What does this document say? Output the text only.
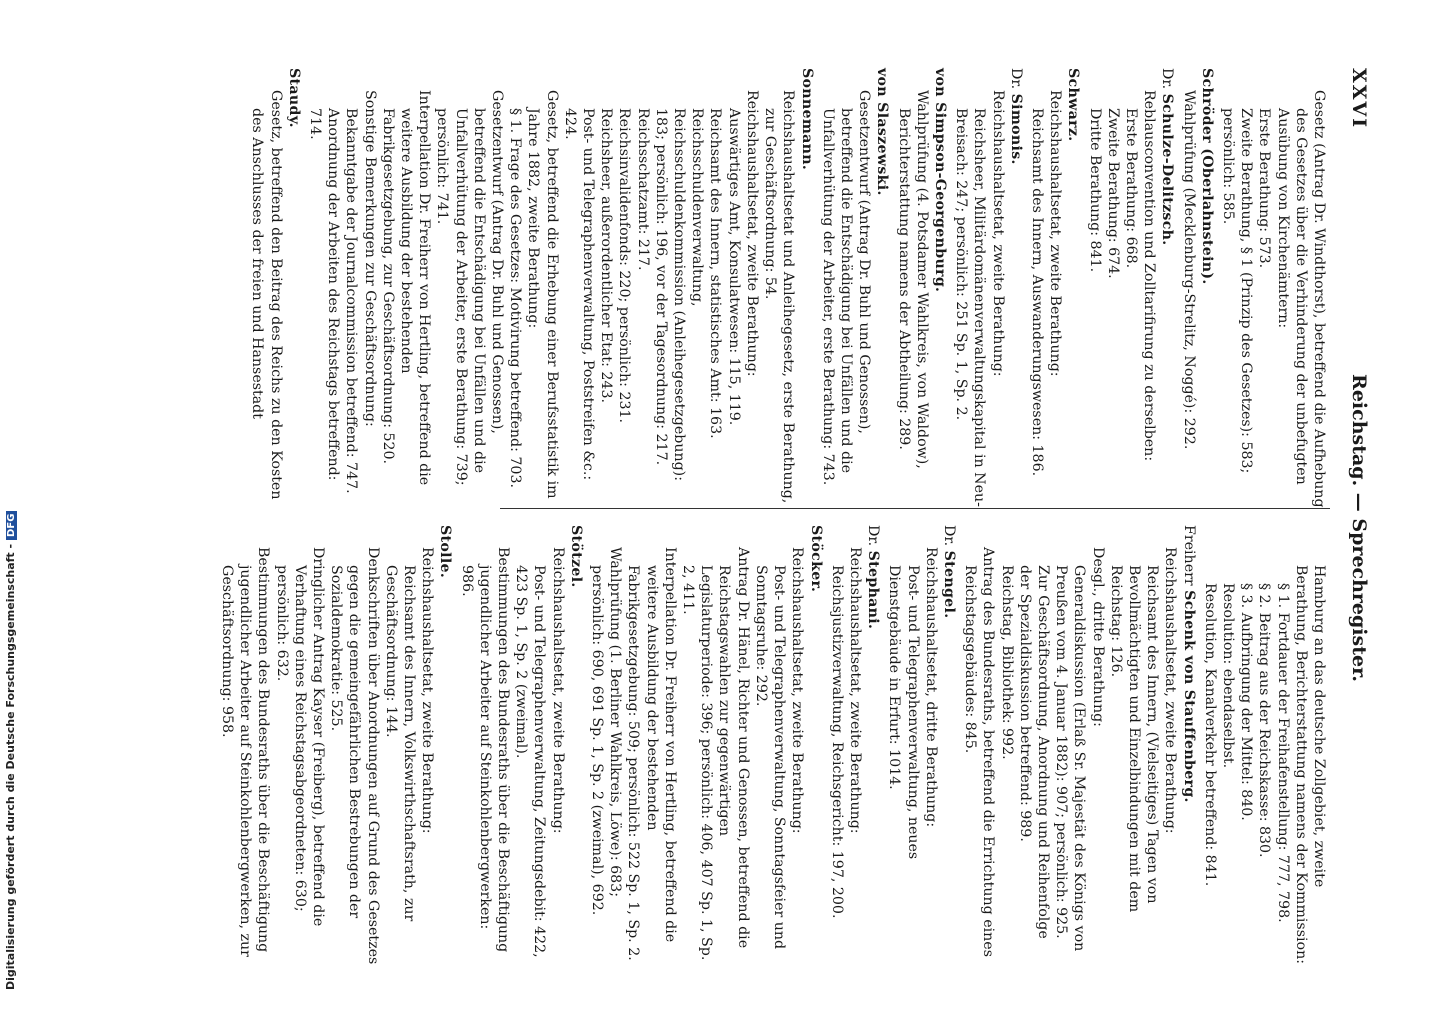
Digitalisierung gefördert durch die Deutsche Forschungsgemeinschaft -DFG
XXVI
Reichstag. — Sprechregister.
Gesetz (Antrag Dr. Windthorst), betreffend die Aufhebung des Gesetzes über die Verhinderung der unbefugten Ausübung von Kirchenämtern:
Erste Berathung: 573.
Zweite Berathung, § 1 (Prinzip des Gesetzes): 583; persönlich: 585.
Schröder (Oberlahnstein).
Wahlprüfung (Mecklenburg-Strelitz, Noggé): 292.
Dr. Schulze-Delitzsch.
Reblausconvention und Zolltarifirung zu derselben:
Erste Berathung: 668.
Zweite Berathung: 674.
Dritte Berathung: 841.
Schwarz.
Reichshaushaltsetat, zweite Berathung:
Reichsamt des Innern, Auswanderungswesen: 186.
Dr. Simonis.
Reichshaushaltsetat, zweite Berathung:
Reichsheer, Militärdomänenverwaltungskapital in Neu-Breisach: 247; persönlich: 251 Sp. 1, Sp. 2.
von Simpson-Georgenburg.
Wahlprüfung (4. Potsdamer Wahlkreis, von Waldow), Berichterstattung namens der Abtheilung: 289.
von Slaszewski.
Gesetzentwurf (Antrag Dr. Buhl und Genossen), betreffend die Entschädigung bei Unfällen und die Unfallverhütung der Arbeiter, erste Berathung: 743.
Sonnemann.
Reichshaushaltsetat und Anleihegesetz, erste Berathung, zur Geschäftsordnung: 54.
Reichshaushaltsetat, zweite Berathung:
Auswärtiges Amt, Konsulatwesen: 115, 119.
Reichsamt des Innern, statistisches Amt: 163.
Reichsschuldenverwaltung, Reichsschuldenkommission (Anleihegesetzgebung): 183; persönlich: 196, vor der Tagesordnung: 217.
Reichsschatzamt: 217.
Reichsinvalidenfonds: 220; persönlich: 231.
Reichsheer, außerordentlicher Etat: 243.
Post- und Telegraphenverwaltung, Poststreifen &c.: 424.
Gesetz, betreffend die Erhebung einer Berufsstatistik im Jahre 1882, zweite Berathung:
§ 1. Frage des Gesetzes: Motivirung betreffend: 703.
Gesetzentwurf (Antrag Dr. Buhl und Genossen), betreffend die Entschädigung bei Unfällen und die Unfallverhütung der Arbeiter, erste Berathung: 739; persönlich: 741.
Interpellation Dr. Freiherr von Hertling, betreffend die weitere Ausbildung der bestehenden Fabrikgesetzgebung, zur Geschäftsordnung: 520.
Sonstige Bemerkungen zur Geschäftsordnung:
Bekanntgabe der Journalcommission betreffend: 747.
Anordnung der Arbeiten des Reichstags betreffend: 714.
Staudy.
Gesetz, betreffend den Beitrag des Reichs zu den Kosten des Anschlusses der freien und Hansestadt
Hamburg an das deutsche Zollgebiet, zweite Berathung, Berichterstattung namens der Kommission:
§ 1. Fortdauer der Freihafenstellung: 777, 798.
§ 2. Beitrag aus der Reichskasse: 830.
§ 3. Aufbringung der Mittel: 840.
Resolution: ebendaselbst.
Resolution, Kanalverkehr betreffend: 841.
Freiherr Schenk von Stauffenberg.
Reichshaushaltsetat, zweite Berathung:
Reichsamt des Innern, (Vielseitiges) Tagen von Bevollmächtigten und Einzelbindungen mit dem Reichstag: 126.
Desgl., dritte Berathung:
Generaldiskussion (Erlaß Sr. Majestät des Königs von Preußen vom 4. Januar 1882): 907; persönlich: 925.
Zur Geschäftsordnung, Anordnung und Reihenfolge der Spezialdiskussion betreffend: 989.
Reichstag, Bibliothek: 992.
Antrag des Bundesraths, betreffend die Errichtung eines Reichstagsgebäudes: 845.
Dr. Stengel.
Reichshaushaltsetat, dritte Berathung:
Post- und Telegraphenverwaltung, neues Dienstgebäude in Erfurt: 1014.
Dr. Stephani.
Reichshaushaltsetat, zweite Berathung:
Reichsjustizverwaltung, Reichsgericht: 197, 200.
Stöcker.
Reichshaushaltsetat, zweite Berathung:
Post- und Telegraphenverwaltung, Sonntagsfeier und Sonntagsruhe: 292.
Antrag Dr. Hänel, Richter und Genossen, betreffend die Reichstagswahlen zur gegenwärtigen Legislaturperiode: 396; persönlich: 406, 407 Sp. 1, Sp. 2, 411.
Interpellation Dr. Freiherr von Hertling, betreffend die weitere Ausbildung der bestehenden Fabrikgesetzgebung: 509; persönlich: 522 Sp. 1, Sp. 2.
Wahlprüfung (1. Berliner Wahlkreis, Löwe): 683; persönlich: 690, 691 Sp. 1, Sp. 2 (zweimal), 692.
Stötzel.
Reichshaushaltsetat, zweite Berathung:
Post- und Telegraphenverwaltung, Zeitungsdebit: 422, 423 Sp. 1, Sp. 2 (zweimal).
Bestimmungen des Bundesraths über die Beschäftigung jugendlicher Arbeiter auf Steinkohlenbergwerken: 986.
Stolle.
Reichshaushaltsetat, zweite Berathung:
Reichsamt des Innern, Volkswirthschaftsrath, zur Geschäftsordnung: 144.
Denkschriften über Anordnungen auf Grund des Gesetzes gegen die gemeingefährlichen Bestrebungen der Sozialdemokratie: 525.
Dringlicher Antrag Kayser (Freiberg), betreffend die Verhaftung eines Reichstagsabgeordneten: 630; persönlich: 632.
Bestimmungen des Bundesraths über die Beschäftigung jugendlicher Arbeiter auf Steinkohlenbergwerken, zur Geschäftsordnung: 958.
